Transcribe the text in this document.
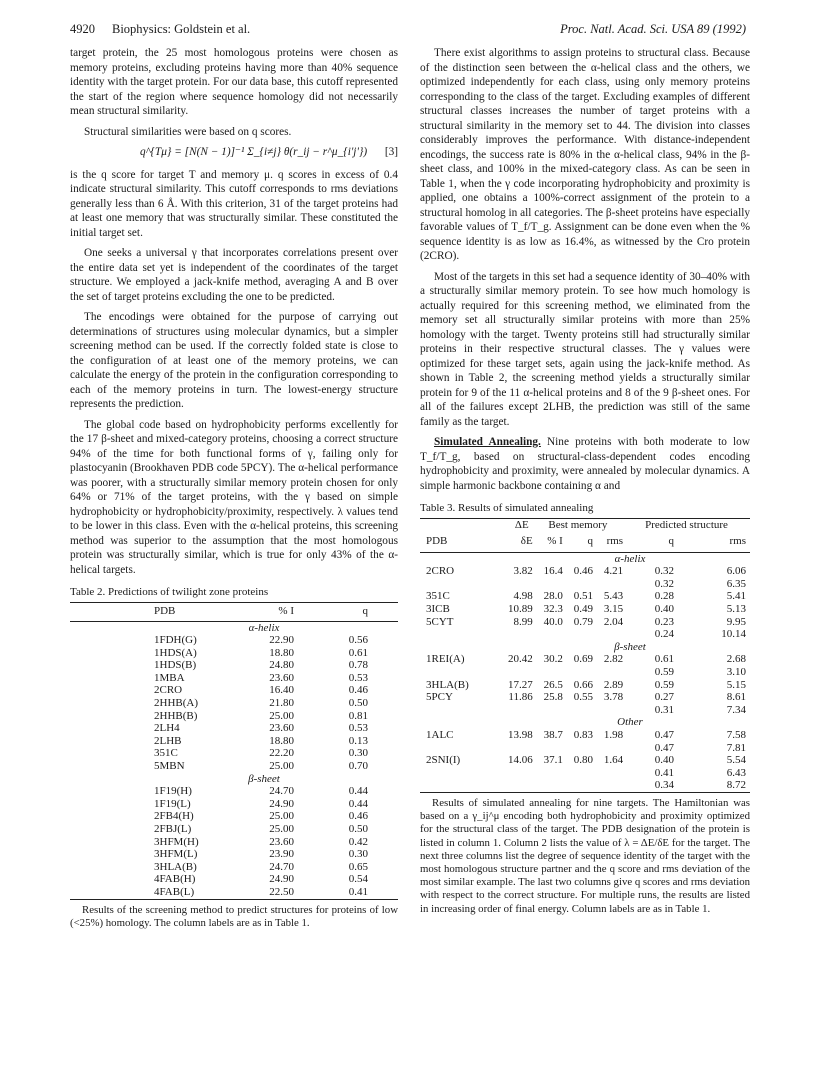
4920 Biophysics: Goldstein et al.	Proc. Natl. Acad. Sci. USA 89 (1992)

target protein, the 25 most homologous proteins were chosen as memory proteins, excluding proteins having more than 40% sequence identity with the target protein. For our data base, this cutoff represented the start of the region where sequence homology did not necessarily mean structural similarity.

Structural similarities were based on q scores.

q^{Tμ} = [N(N − 1)]⁻¹ Σ_{i≠j} θ(r_ij − r^μ_{i'j'}) [3]

is the q score for target T and memory μ. q scores in excess of 0.4 indicate structural similarity. This cutoff corresponds to rms deviations generally less than 6 Å. With this criterion, 31 of the target proteins had at least one memory that was structurally similar. These constituted the initial target set.

One seeks a universal γ that incorporates correlations present over the entire data set yet is independent of the coordinates of the target structure. We employed a jack-knife method, averaging A and B over the set of target proteins excluding the one to be predicted.

The encodings were obtained for the purpose of carrying out determinations of structures using molecular dynamics, but a simpler screening method can be used. If the correctly folded state is close to the configuration of at least one of the memory proteins, we can calculate the energy of the protein in the configuration corresponding to each of the memory proteins in turn. The lowest-energy structure represents the prediction.

The global code based on hydrophobicity performs excellently for the 17 β-sheet and mixed-category proteins, choosing a correct structure 94% of the time for both functional forms of γ, failing only for plastocyanin (Brookhaven PDB code 5PCY). The α-helical performance was poorer, with a structurally similar memory protein chosen for only 64% or 71% of the target proteins, with the γ based on simple hydrophobicity or hydrophobicity/proximity, respectively. λ values tend to be lower in this class. Even with the α-helical proteins, this screening method was superior to the assumption that the most homologous protein was structurally similar, which is true for only 43% of the α-helical targets.

Table 2. Predictions of twilight zone proteins
PDB	% I	q
α-helix		
1FDH(G)	22.90	0.56
1HDS(A)	18.80	0.61
1HDS(B)	24.80	0.78
1MBA	23.60	0.53
2CRO	16.40	0.46
2HHB(A)	21.80	0.50
2HHB(B)	25.00	0.81
2LH4	23.60	0.53
2LHB	18.80	0.13
351C	22.20	0.30
5MBN	25.00	0.70
β-sheet		
1F19(H)	24.70	0.44
1F19(L)	24.90	0.44
2FB4(H)	25.00	0.46
2FBJ(L)	25.00	0.50
3HFM(H)	23.60	0.42
3HFM(L)	23.90	0.30
3HLA(B)	24.70	0.65
4FAB(H)	24.90	0.54
4FAB(L)	22.50	0.41
Results of the screening method to predict structures for proteins of low (<25%) homology. The column labels are as in Table 1.

There exist algorithms to assign proteins to structural class. Because of the distinction seen between the α-helical class and the others, we optimized independently for each class, using only memory proteins corresponding to the class of the target. Excluding examples of different structural classes increases the number of target proteins with a structural similarity in the memory set to 44. The division into classes considerably improves the performance. With distance-independent encodings, the success rate is 80% in the α-helical class, 94% in the β-sheet class, and 100% in the mixed-category class. As can be seen in Table 1, when the γ code incorporating hydrophobicity and proximity is applied, one obtains a 100%-correct assignment of the protein to a structural homolog in all categories. The β-sheet proteins have especially favorable values of T_f/T_g. Assignment can be done even when the % sequence identity is as low as 16.4%, as witnessed by the Cro protein (2CRO).

Most of the targets in this set had a sequence identity of 30–40% with a structurally similar memory protein. To see how much homology is actually required for this screening method, we eliminated from the memory set all structurally similar proteins with more than 25% homology with the target. Twenty proteins still had structurally similar proteins in their respective structural classes. The γ values were optimized for these target sets, again using the jack-knife method. As shown in Table 2, the screening method yields a structurally similar protein for 9 of the 11 α-helical proteins and 8 of the 9 β-sheet ones. For all of the failures except 2LHB, the prediction was still of the same family as the target.

Simulated Annealing. Nine proteins with both moderate to low T_f/T_g, based on structural-class-dependent codes encoding hydrophobicity and proximity, were annealed by molecular dynamics. A simple harmonic backbone containing α and

Table 3. Results of simulated annealing
	ΔE	Best memory			Predicted structure	
PDB	δE	% I	q	rms	q	rms
α-helix						
2CRO	3.82	16.4	0.46	4.21	0.32	6.06
					0.32	6.35
351C	4.98	28.0	0.51	5.43	0.28	5.41
3ICB	10.89	32.3	0.49	3.15	0.40	5.13
5CYT	8.99	40.0	0.79	2.04	0.23	9.95
					0.24	10.14
β-sheet						
1REI(A)	20.42	30.2	0.69	2.82	0.61	2.68
					0.59	3.10
3HLA(B)	17.27	26.5	0.66	2.89	0.59	5.15
5PCY	11.86	25.8	0.55	3.78	0.27	8.61
					0.31	7.34
Other						
1ALC	13.98	38.7	0.83	1.98	0.47	7.58
					0.47	7.81
2SNI(I)	14.06	37.1	0.80	1.64	0.40	5.54
					0.41	6.43
					0.34	8.72
Results of simulated annealing for nine targets. The Hamiltonian was based on a γ_ij^μ encoding both hydrophobicity and proximity optimized for the structural class of the target. The PDB designation of the protein is listed in column 1. Column 2 lists the value of λ = ΔE/δE for the target. The next three columns list the degree of sequence identity of the target with the most homologous structure partner and the q score and rms deviation of the most similar example. The last two columns give q scores and rms deviation with respect to the correct structure. For multiple runs, the results are listed in increasing order of final energy. Column labels are as in Table 1.
